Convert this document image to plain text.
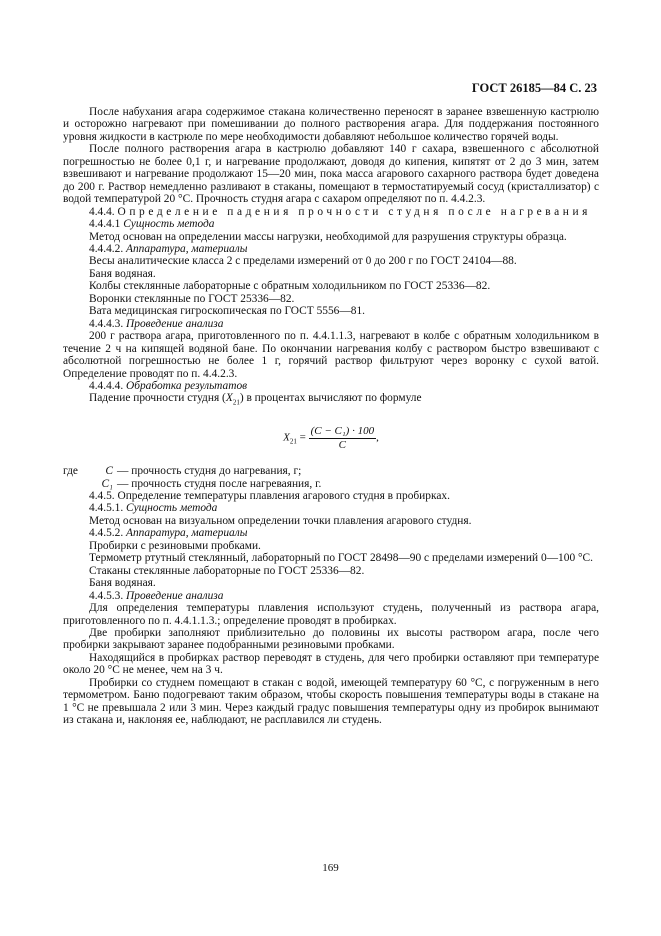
ГОСТ 26185—84 С. 23

После набухания агара содержимое стакана количественно переносят в заранее взвешенную кастрюлю и осторожно нагревают при помешивании до полного растворения агара. Для поддержания постоянного уровня жидкости в кастрюле по мере необходимости добавляют небольшое количество горячей воды.

После полного растворения агара в кастрюлю добавляют 140 г сахара, взвешенного с абсолютной погрешностью не более 0,1 г, и нагревание продолжают, доводя до кипения, кипятят от 2 до 3 мин, затем взвешивают и нагревание продолжают 15—20 мин, пока масса агарового сахарного раствора будет доведена до 200 г. Раствор немедленно разливают в стаканы, помещают в термостатируемый сосуд (кристаллизатор) с водой температурой 20 °С. Прочность студня агара с сахаром определяют по п. 4.4.2.3.

4.4.4. Определение падения прочности студня после нагревания

4.4.4.1 Сущность метода

Метод основан на определении массы нагрузки, необходимой для разрушения структуры образца.

4.4.4.2. Аппаратура, материалы

Весы аналитические класса 2 с пределами измерений от 0 до 200 г по ГОСТ 24104—88.

Баня водяная.

Колбы стеклянные лабораторные с обратным холодильником по ГОСТ 25336—82.

Воронки стеклянные по ГОСТ 25336—82.

Вата медицинская гигроскопическая по ГОСТ 5556—81.

4.4.4.3. Проведение анализа

200 г раствора агара, приготовленного по п. 4.4.1.1.3, нагревают в колбе с обратным холодильником в течение 2 ч на кипящей водяной бане. По окончании нагревания колбу с раствором быстро взвешивают с абсолютной погрешностью не более 1 г, горячий раствор фильтруют через воронку с сухой ватой. Определение проводят по п. 4.4.2.3.

4.4.4.4. Обработка результатов

Падение прочности студня $(X_{21})$ в процентах вычисляют по формуле

$X_{21} = \frac{\text{(C − C₁) · 100}}{C}$ ,

где C — прочность студня до нагревания, г;

C₁ — прочность студня после нагреваяния, г.

4.4.5. Определение температуры плавления агарового студня в пробирках.

4.4.5.1. Сущность метода

Метод основан на визуальном определении точки плавления агарового студня.

4.4.5.2. Аппаратура, материалы

Пробирки с резиновыми пробками.

Термометр ртутный стеклянный, лабораторный по ГОСТ 28498—90 с пределами измерений 0—100 °С.

Стаканы стеклянные лабораторные по ГОСТ 25336—82.

Баня водяная.

4.4.5.3. Проведение анализа

Для определения температуры плавления используют студень, полученный из раствора агара, приготовленного по п. 4.4.1.1.3.; определение проводят в пробирках.

Две пробирки заполняют приблизительно до половины их высоты раствором агара, после чего пробирки закрывают заранее подобранными резиновыми пробками.

Находящийся в пробирках раствор переводят в студень, для чего пробирки оставляют при температуре около 20 °С не менее, чем на 3 ч.

Пробирки со студнем помещают в стакан с водой, имеющей температуру 60 °С, с погруженным в него термометром. Баню подогревают таким образом, чтобы скорость повышения температуры воды в стакане на 1 °С не превышала 2 или 3 мин. Через каждый градус повышения температуры одну из пробирок вынимают из стакана и, наклоняя ее, наблюдают, не расплавился ли студень.

169
